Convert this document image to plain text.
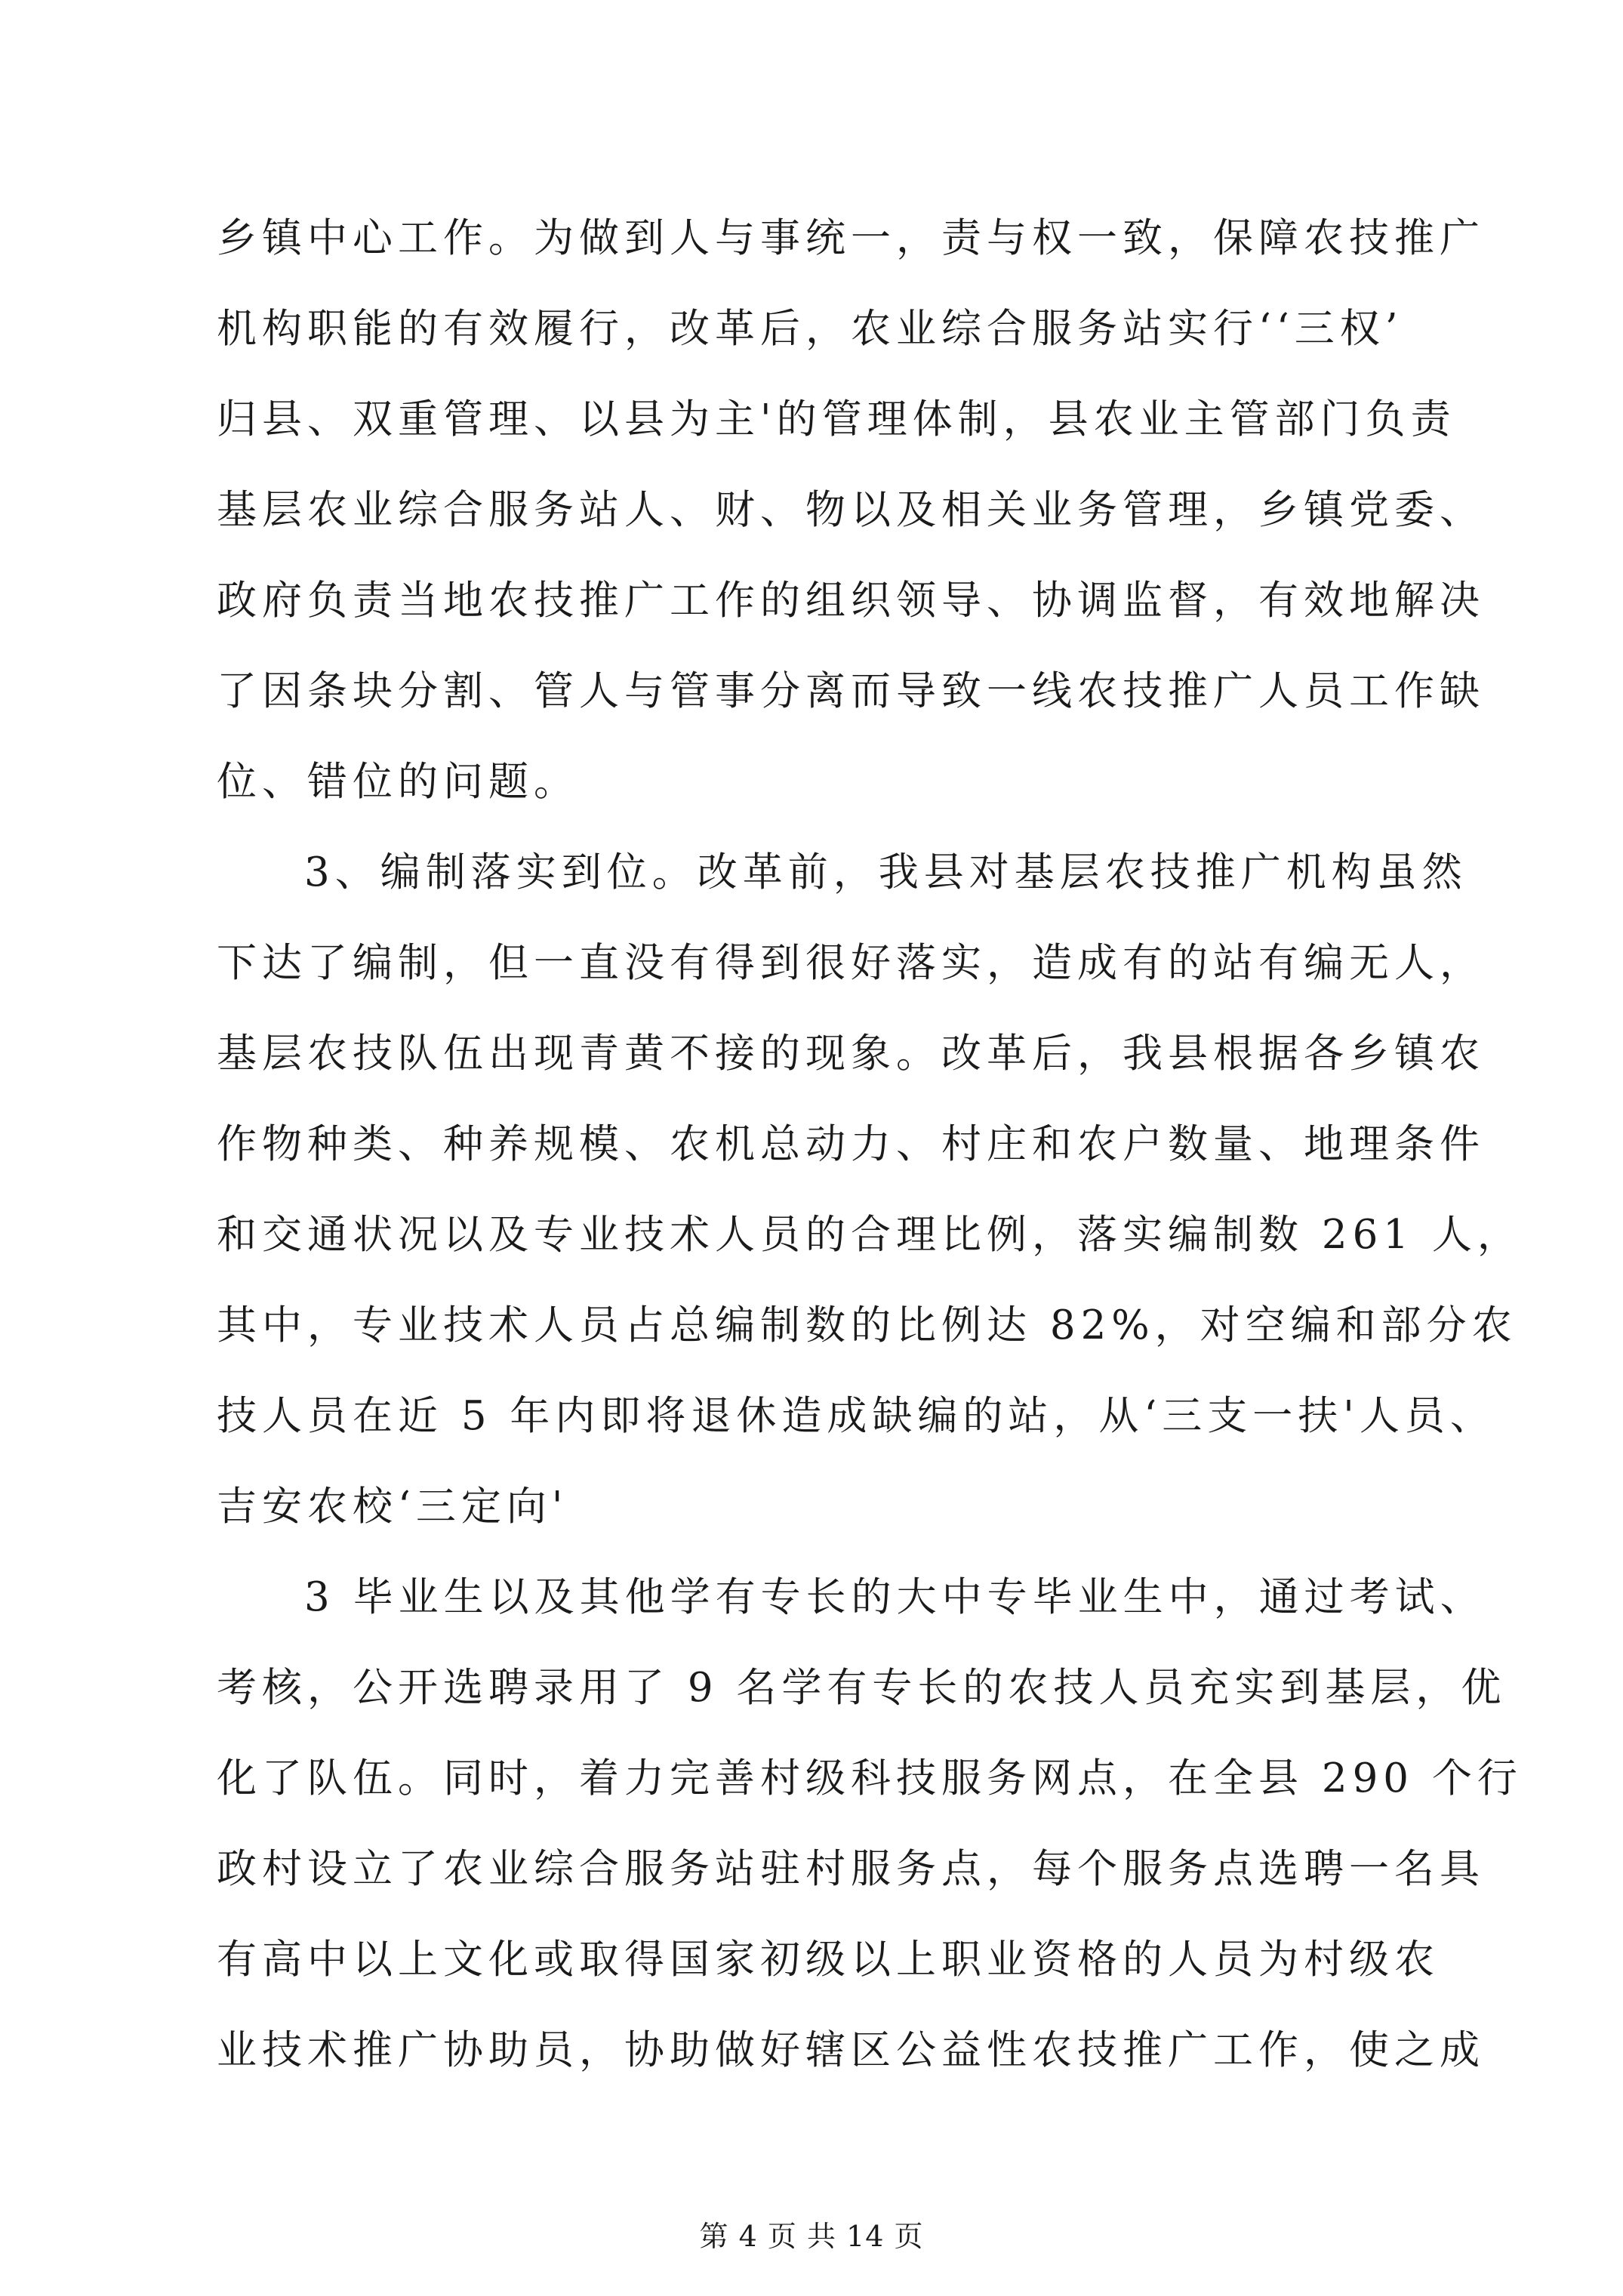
乡镇中心工作。为做到人与事统一，责与权一致，保障农技推广
机构职能的有效履行，改革后，农业综合服务站实行‘‘三权’
归县、双重管理、以县为主'的管理体制，县农业主管部门负责
基层农业综合服务站人、财、物以及相关业务管理，乡镇党委、
政府负责当地农技推广工作的组织领导、协调监督，有效地解决
了因条块分割、管人与管事分离而导致一线农技推广人员工作缺
位、错位的问题。
3、编制落实到位。改革前，我县对基层农技推广机构虽然
下达了编制，但一直没有得到很好落实，造成有的站有编无人，
基层农技队伍出现青黄不接的现象。改革后，我县根据各乡镇农
作物种类、种养规模、农机总动力、村庄和农户数量、地理条件
和交通状况以及专业技术人员的合理比例，落实编制数 261 人，
其中，专业技术人员占总编制数的比例达 82%，对空编和部分农
技人员在近 5 年内即将退休造成缺编的站，从‘三支一扶'人员、
吉安农校‘三定向'
3 毕业生以及其他学有专长的大中专毕业生中，通过考试、
考核，公开选聘录用了 9 名学有专长的农技人员充实到基层，优
化了队伍。同时，着力完善村级科技服务网点，在全县 290 个行
政村设立了农业综合服务站驻村服务点，每个服务点选聘一名具
有高中以上文化或取得国家初级以上职业资格的人员为村级农
业技术推广协助员，协助做好辖区公益性农技推广工作，使之成
第 4 页 共 14 页
